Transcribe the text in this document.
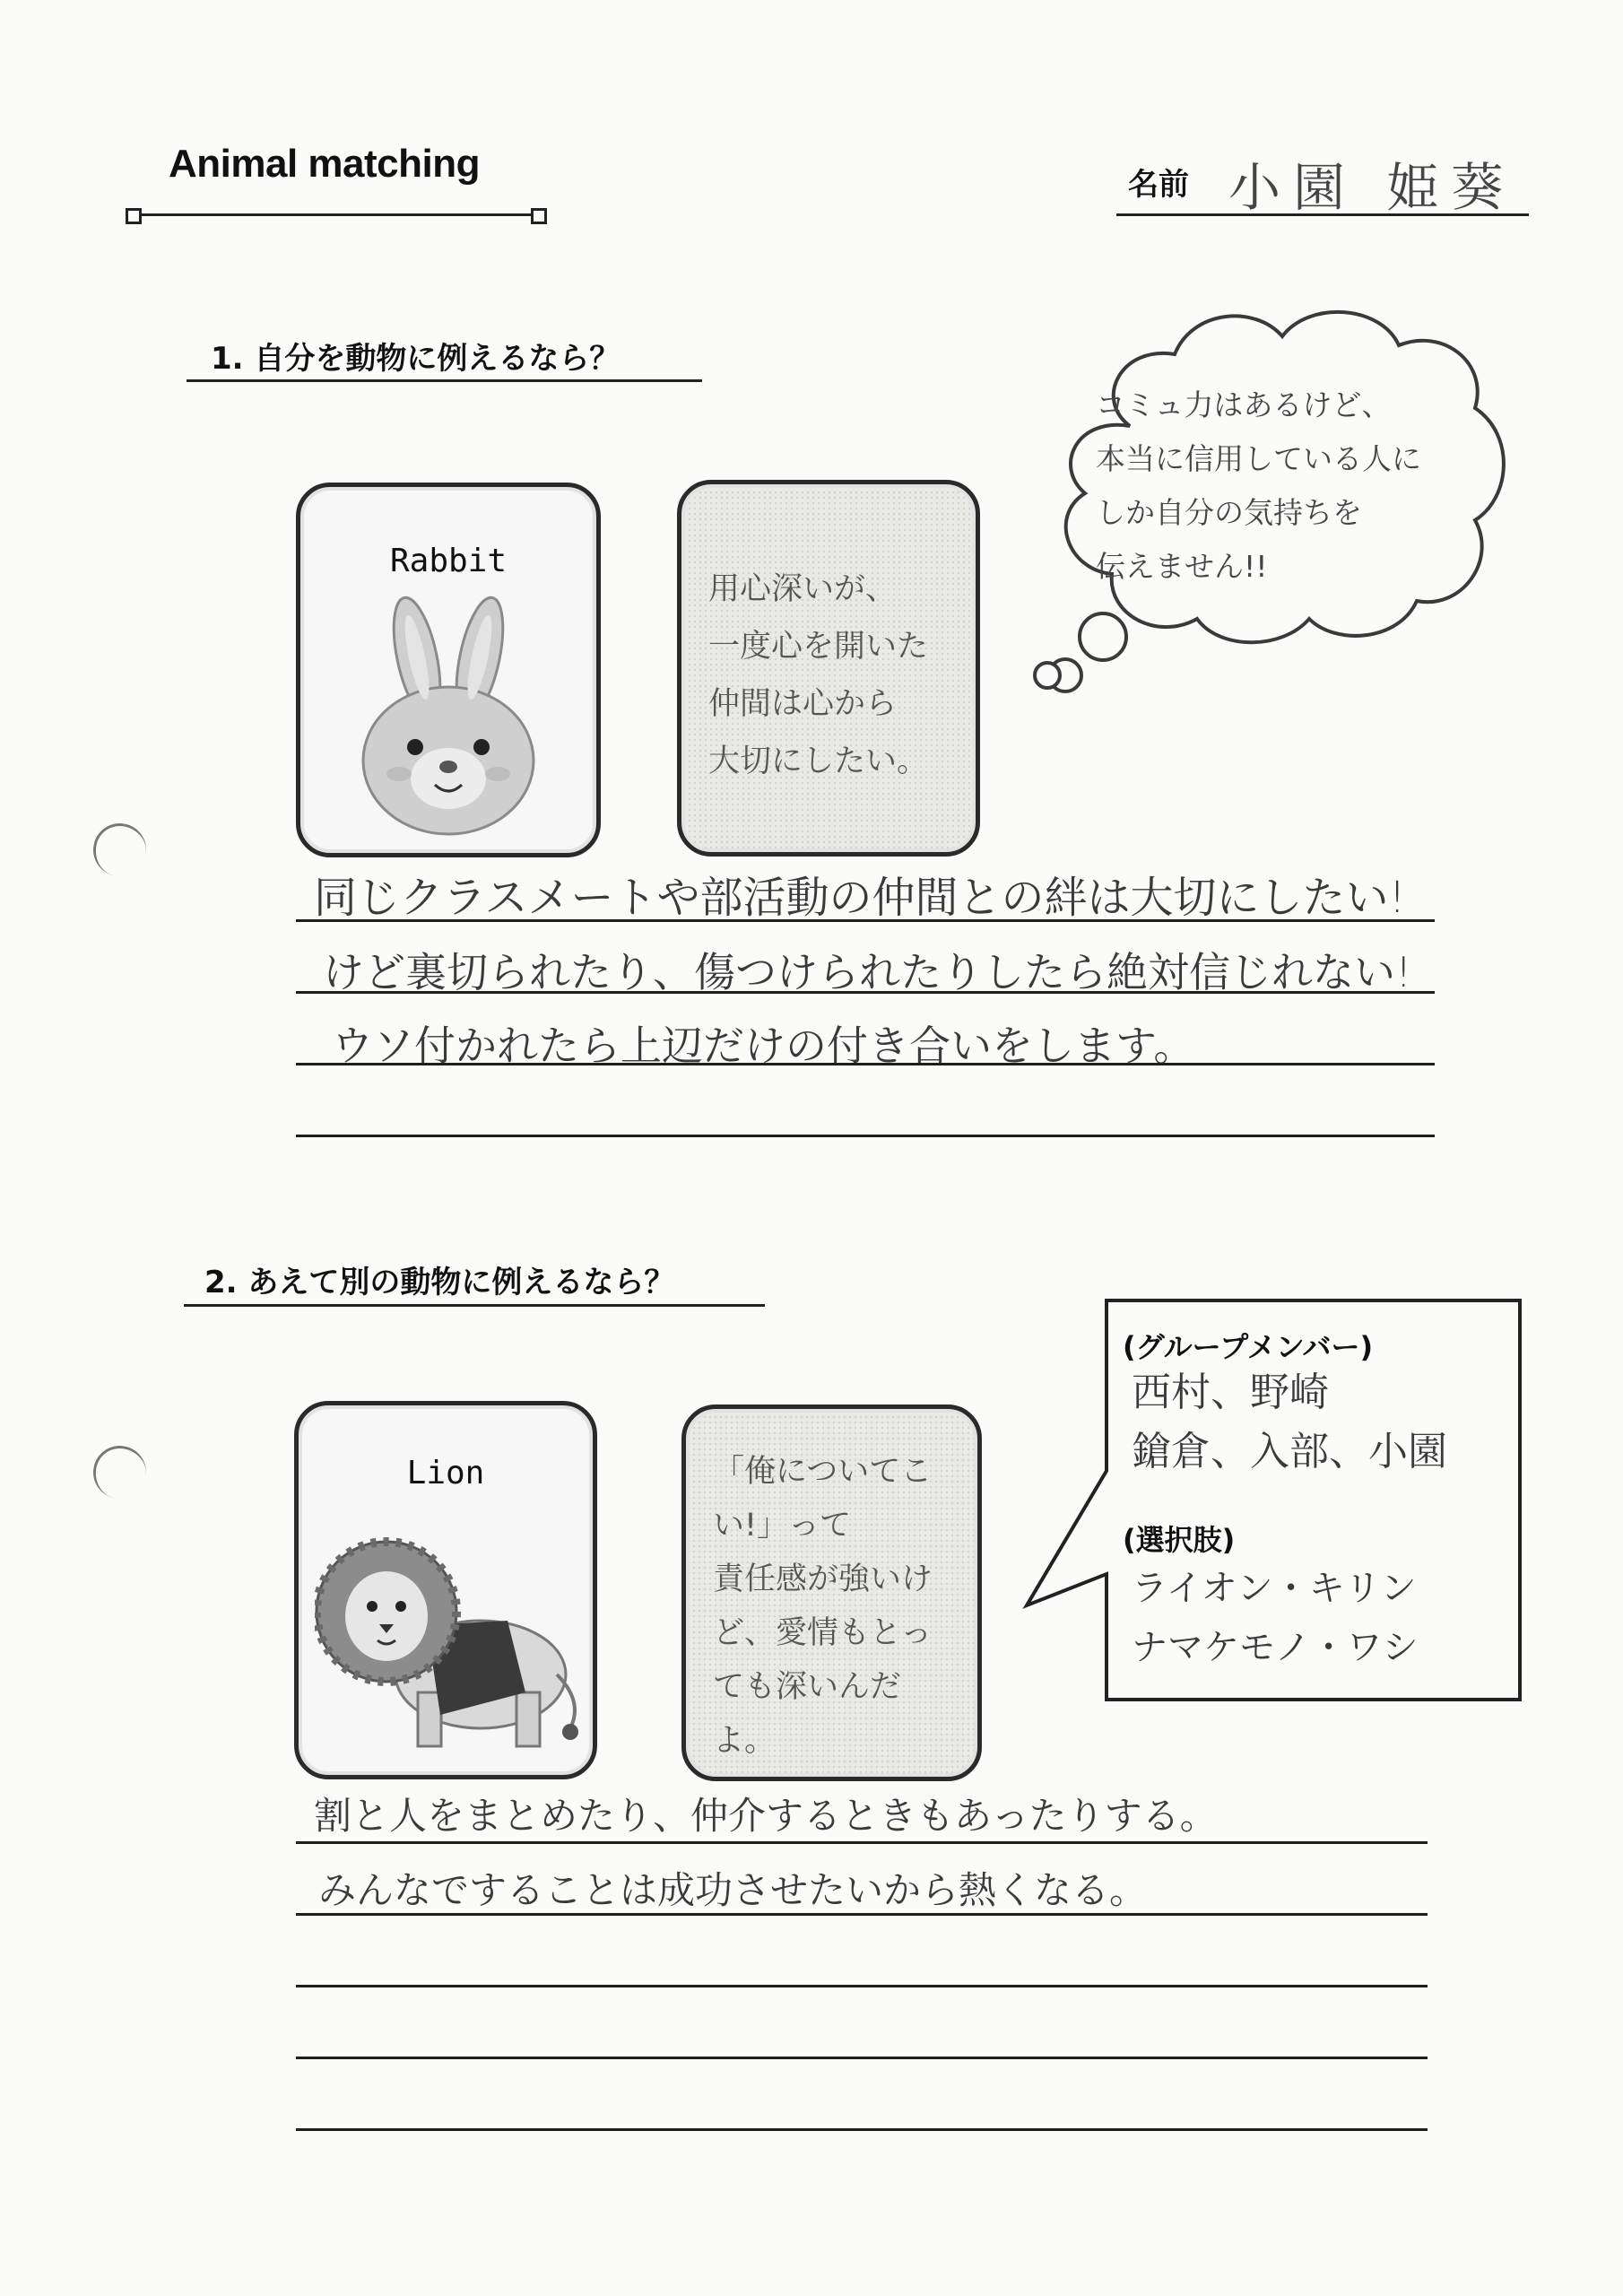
Animal matching	名前 小園 姫葵
1. 自分を動物に例えるなら？
Rabbit
用心深いが、
一度心を開いた
仲間は心から
大切にしたい。
コミュ力はあるけど、
本当に信用している人に
しか自分の気持ちを
伝えません!!
同じクラスメートや部活動の仲間との絆は大切にしたい!
けど裏切られたり、傷つけられたりしたら絶対信じれない!
ウソ付かれたら上辺だけの付き合いをします。
2. あえて別の動物に例えるなら？
Lion	「俺についてこい!」って
責任感が強いけど、愛情もとっても深いんだよ。
(グループメンバー)
西村、野崎
鎗倉、入部、小園
(選択肢)
ライオン・キリン
ナマケモノ・ワシ
割と人をまとめたり、仲介するときもあったりする。
みんなですることは成功させたいから熱くなる。
